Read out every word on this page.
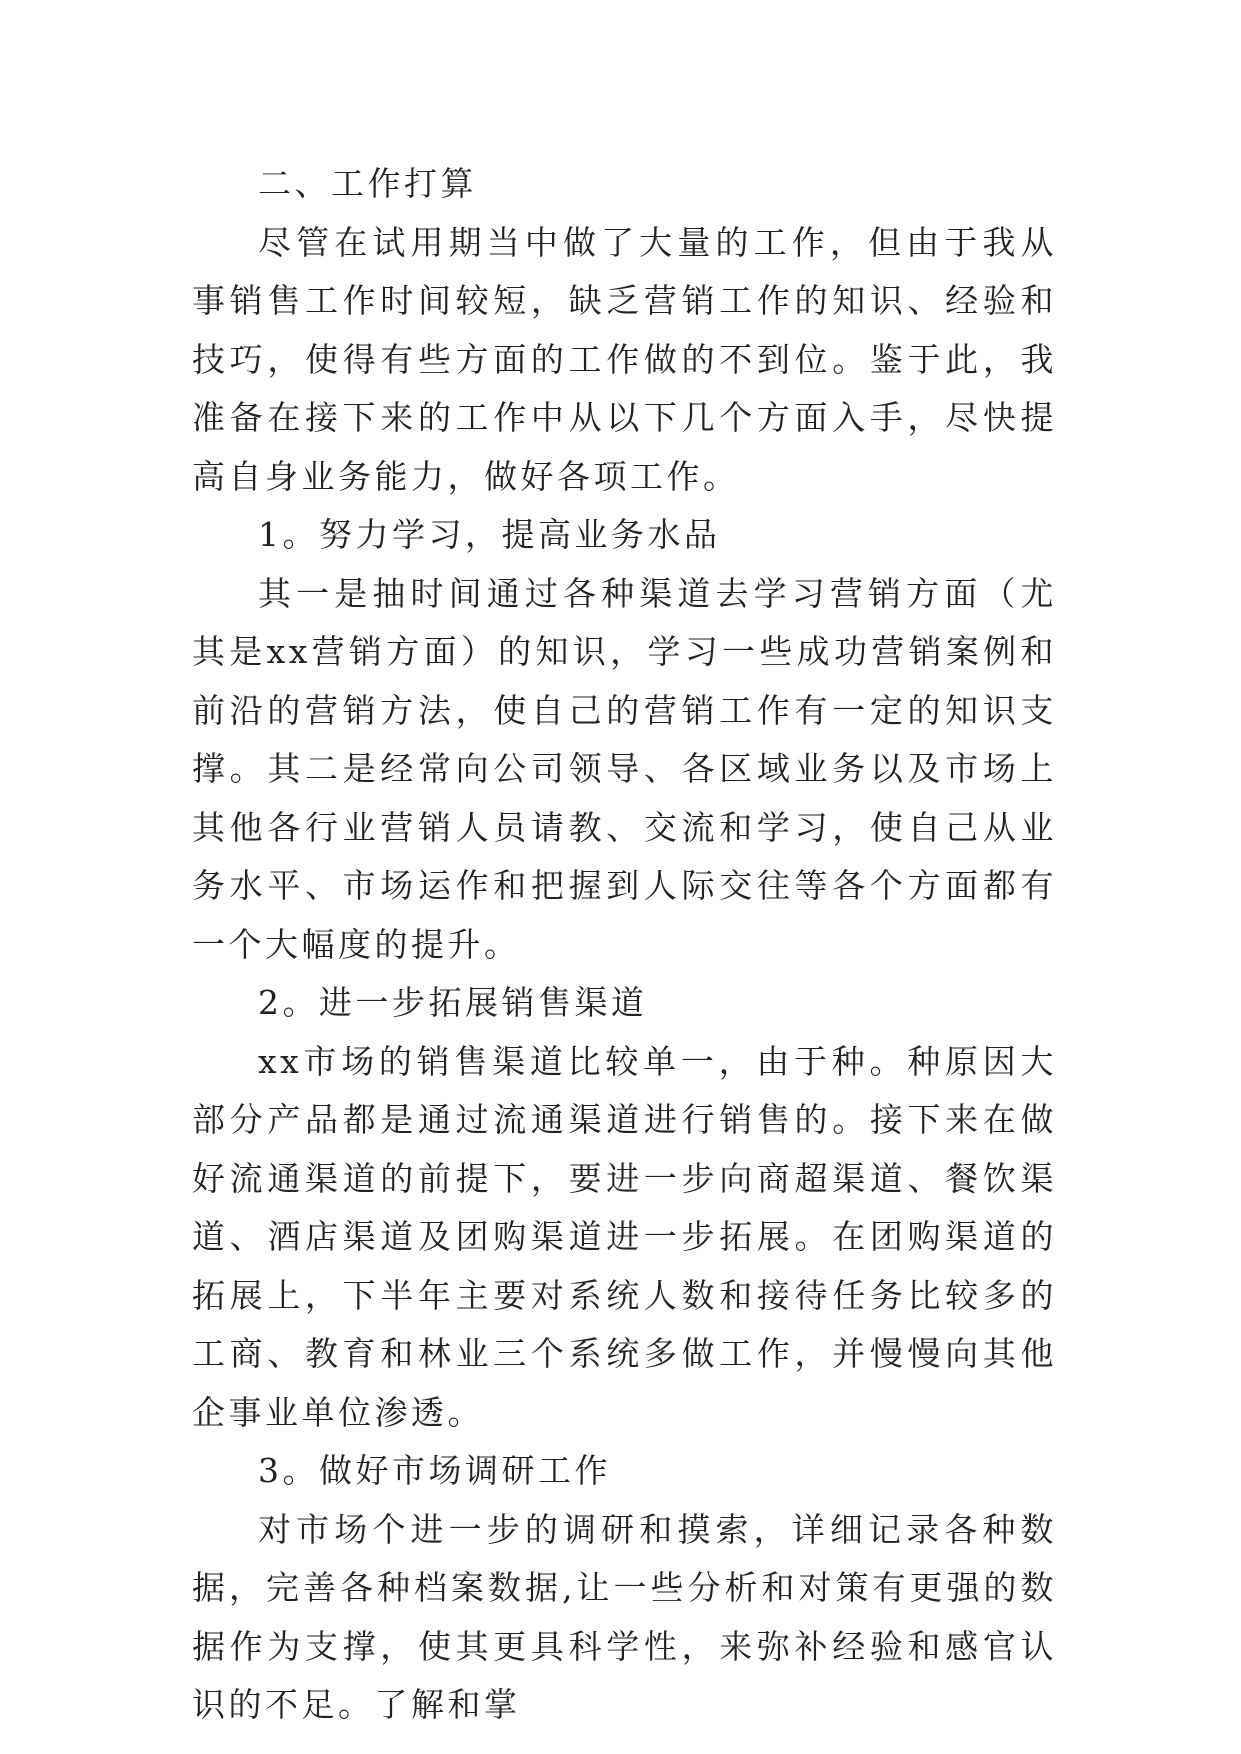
二、工作打算

尽管在试用期当中做了大量的工作，但由于我从事销售工作时间较短，缺乏营销工作的知识、经验和技巧，使得有些方面的工作做的不到位。鉴于此，我准备在接下来的工作中从以下几个方面入手，尽快提高自身业务能力，做好各项工作。

1。努力学习，提高业务水品

其一是抽时间通过各种渠道去学习营销方面（尤其是xx营销方面）的知识，学习一些成功营销案例和前沿的营销方法，使自己的营销工作有一定的知识支撑。其二是经常向公司领导、各区域业务以及市场上其他各行业营销人员请教、交流和学习，使自己从业务水平、市场运作和把握到人际交往等各个方面都有一个大幅度的提升。

2。进一步拓展销售渠道

xx市场的销售渠道比较单一，由于种。种原因大部分产品都是通过流通渠道进行销售的。接下来在做好流通渠道的前提下，要进一步向商超渠道、餐饮渠道、酒店渠道及团购渠道进一步拓展。在团购渠道的拓展上，下半年主要对系统人数和接待任务比较多的工商、教育和林业三个系统多做工作，并慢慢向其他企事业单位渗透。

3。做好市场调研工作

对市场个进一步的调研和摸索，详细记录各种数据，完善各种档案数据,让一些分析和对策有更强的数据作为支撑，使其更具科学性，来弥补经验和感官认识的不足。了解和掌
